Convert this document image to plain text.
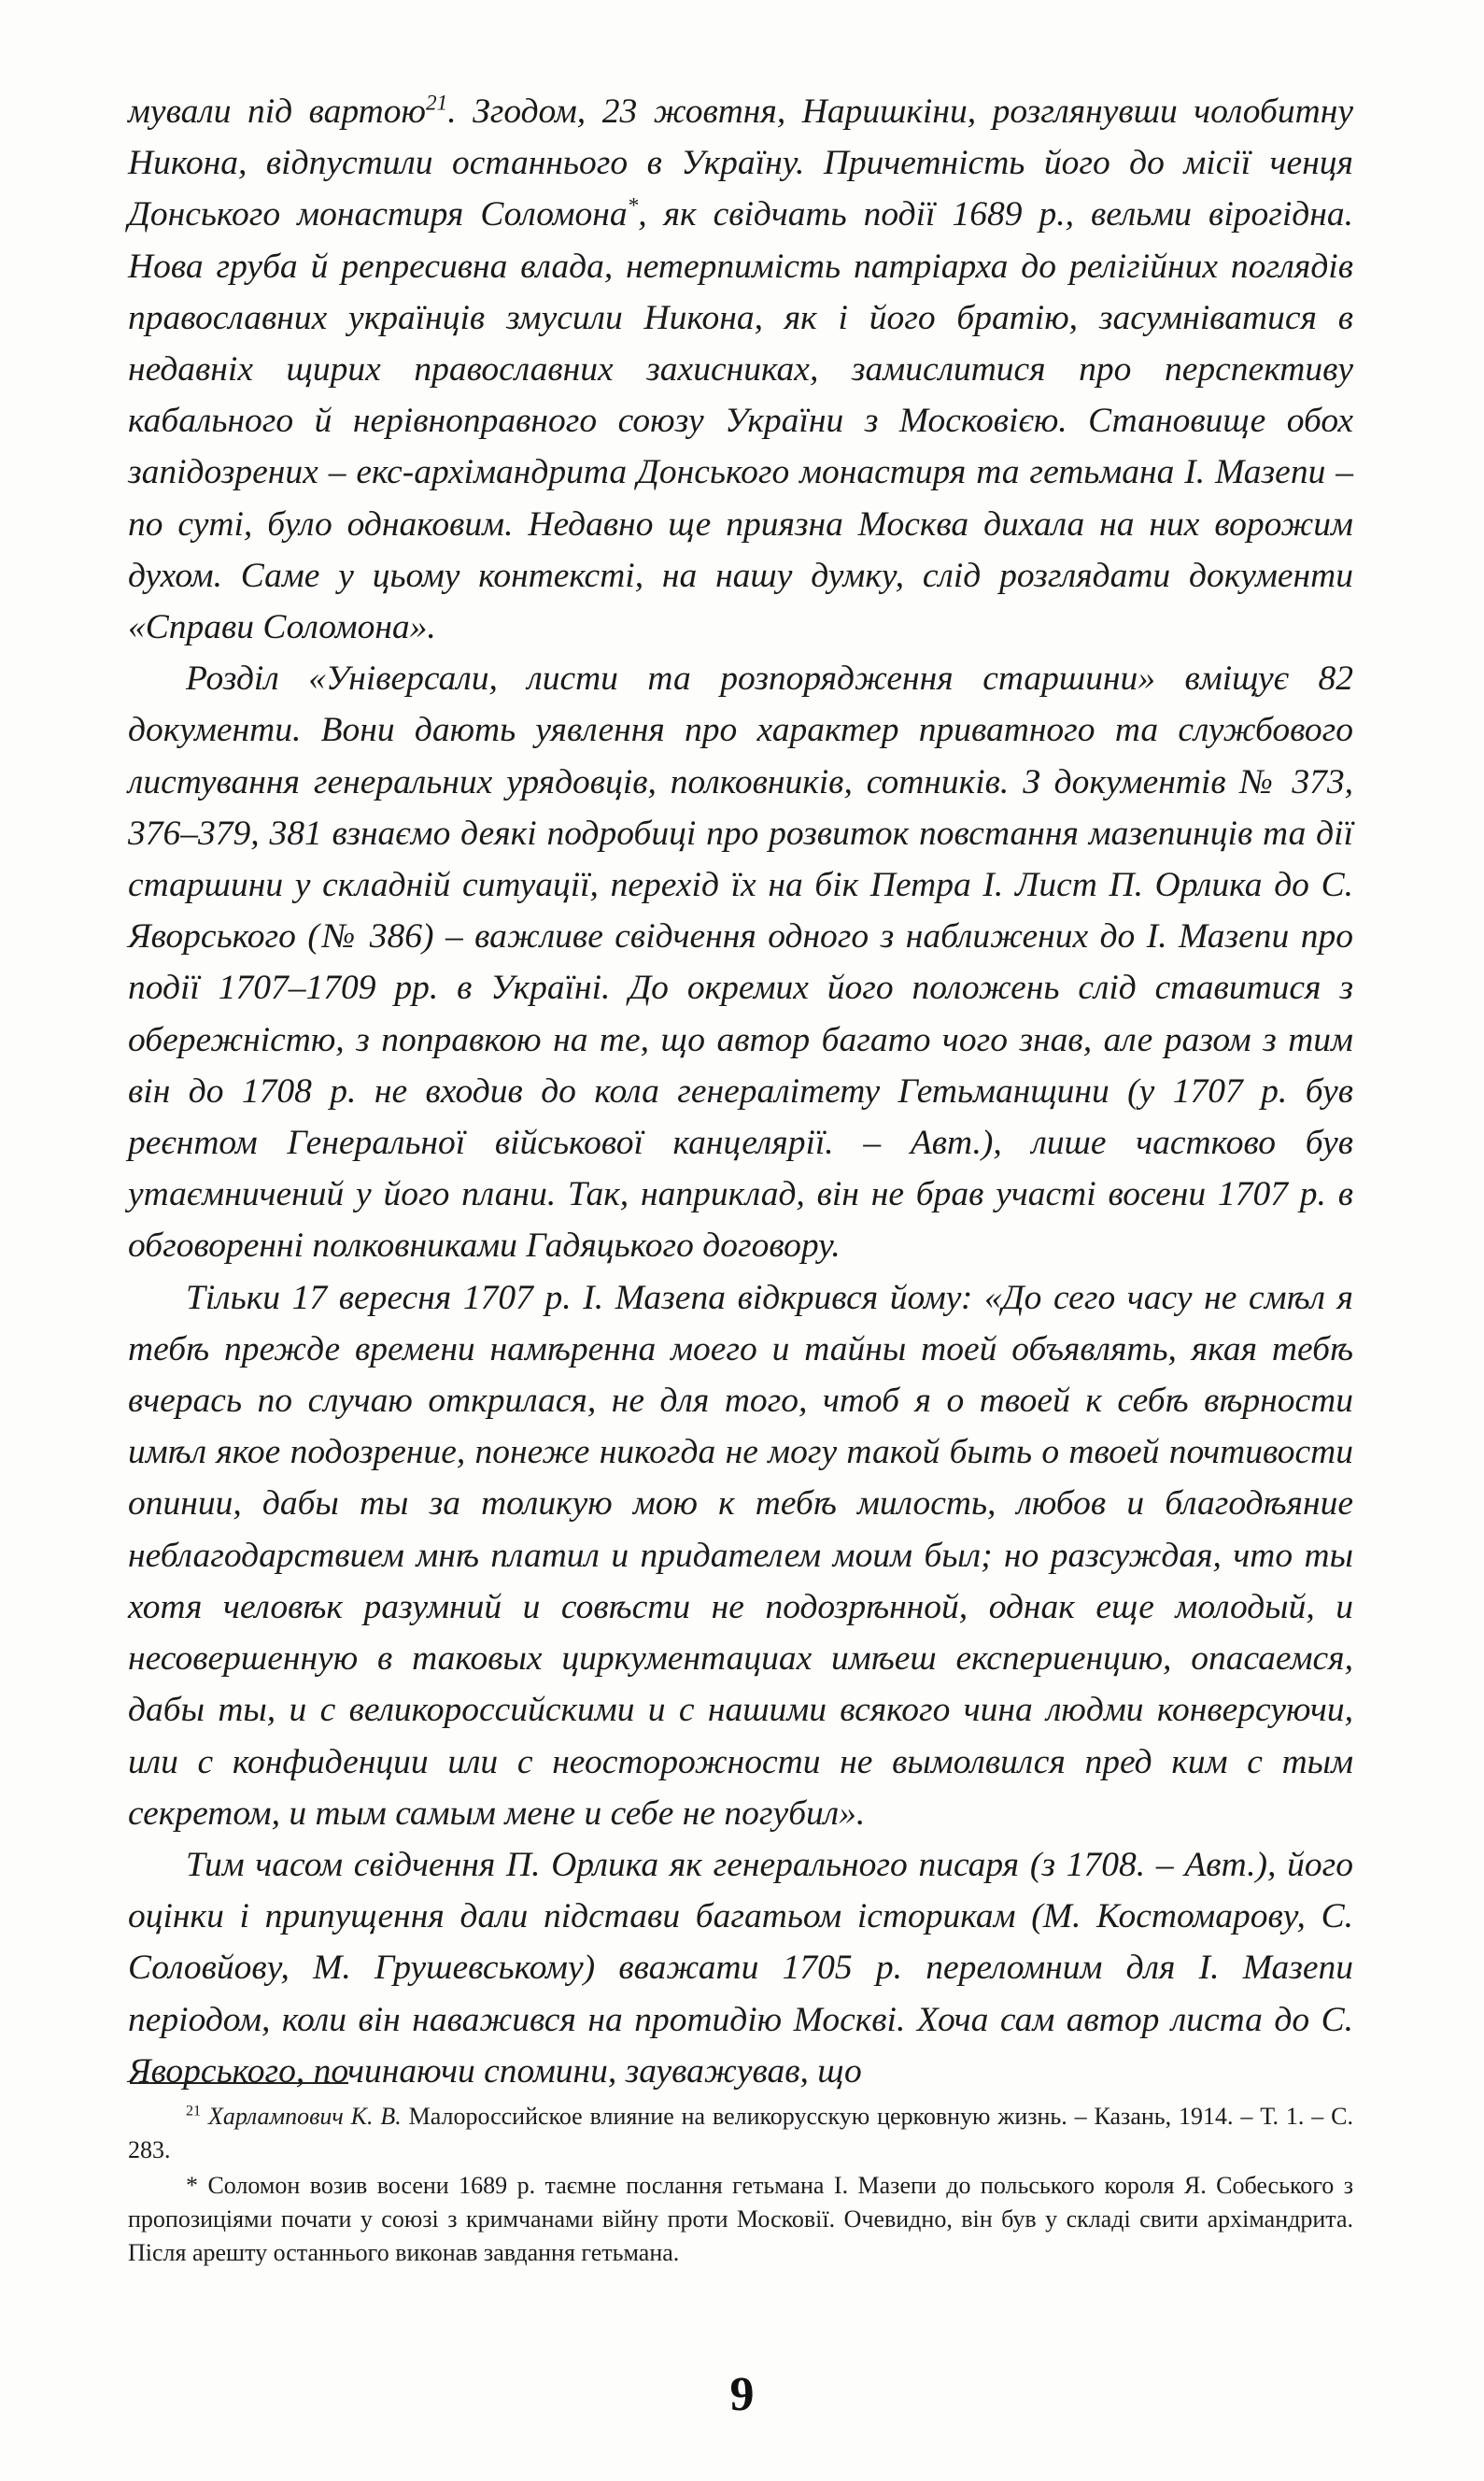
мували під вартою$^{21}$. Згодом, 23 жовтня, Наришкіни, розглянувши чолобитну Никона, відпустили останнього в Україну. Причетність його до місії ченця Донського монастиря Соломона*, як свідчать події 1689 р., вельми вірогідна. Нова груба й репресивна влада, нетерпимість патріарха до релігійних поглядів православних українців змусили Никона, як і його братію, засумніватися в недавніх щирих православних захисниках, замислитися про перспективу кабального й нерівноправного союзу України з Московією. Становище обох запідозрених – екс-архімандрита Донського монастиря та гетьмана І. Мазепи – по суті, було однаковим. Недавно ще приязна Москва дихала на них ворожим духом. Саме у цьому контексті, на нашу думку, слід розглядати документи «Справи Соломона».

Розділ «Універсали, листи та розпорядження старшини» вміщує 82 документи. Вони дають уявлення про характер приватного та службового листування генеральних урядовців, полковників, сотників. З документів № 373, 376–379, 381 взнаємо деякі подробиці про розвиток повстання мазепинців та дії старшини у складній ситуації, перехід їх на бік Петра І. Лист П. Орлика до С. Яворського (№ 386) – важливе свідчення одного з наближених до І. Мазепи про події 1707–1709 рр. в Україні. До окремих його положень слід ставитися з обережністю, з поправкою на те, що автор багато чого знав, але разом з тим він до 1708 р. не входив до кола генералітету Гетьманщини (у 1707 р. був реєнтом Генеральної військової канцелярії. – Авт.), лише частково був утаємничений у його плани. Так, наприклад, він не брав участі восени 1707 р. в обговоренні полковниками Гадяцького договору.

Тільки 17 вересня 1707 р. І. Мазепа відкрився йому: «До сего часу не смѣл я тебѣ прежде времени намѣренна моего и тайны тоей объявлять, якая тебѣ вчерась по случаю открилася, не для того, чтоб я о твоей к себѣ вѣрности имѣл якое подозрение, понеже никогда не могу такой быть о твоей почтивости опинии, дабы ты за толикую мою к тебѣ милость, любов и благодѣяние неблагодарствием мнѣ платил и придателем моим был; но разсуждая, что ты хотя человѣк разумний и совѣсти не подозрѣнной, однак еще молодый, и несовершенную в таковых циркументациах имѣеш експериенцию, опасаемся, дабы ты, и с великороссийскими и с нашими всякого чина людми конверсуючи, или с конфиденции или с неосторожности не вымолвился пред ким с тым секретом, и тым самым мене и себе не погубил».

Тим часом свідчення П. Орлика як генерального писаря (з 1708. – Авт.), його оцінки і припущення дали підстави багатьом історикам (М. Костомарову, С. Соловйову, М. Грушевському) вважати 1705 р. переломним для І. Мазепи періодом, коли він наважився на протидію Москві. Хоча сам автор листа до С. Яворського, починаючи спомини, зауважував, що

$^{21}$ Харлампович К. В. Малороссийское влияние на великорусскую церковную жизнь. – Казань, 1914. – Т. 1. – С. 283.

* Соломон возив восени 1689 р. таємне послання гетьмана І. Мазепи до польського короля Я. Собеського з пропозиціями почати у союзі з кримчанами війну проти Московії. Очевидно, він був у складі свити архімандрита. Після арешту останнього виконав завдання гетьмана.

9
